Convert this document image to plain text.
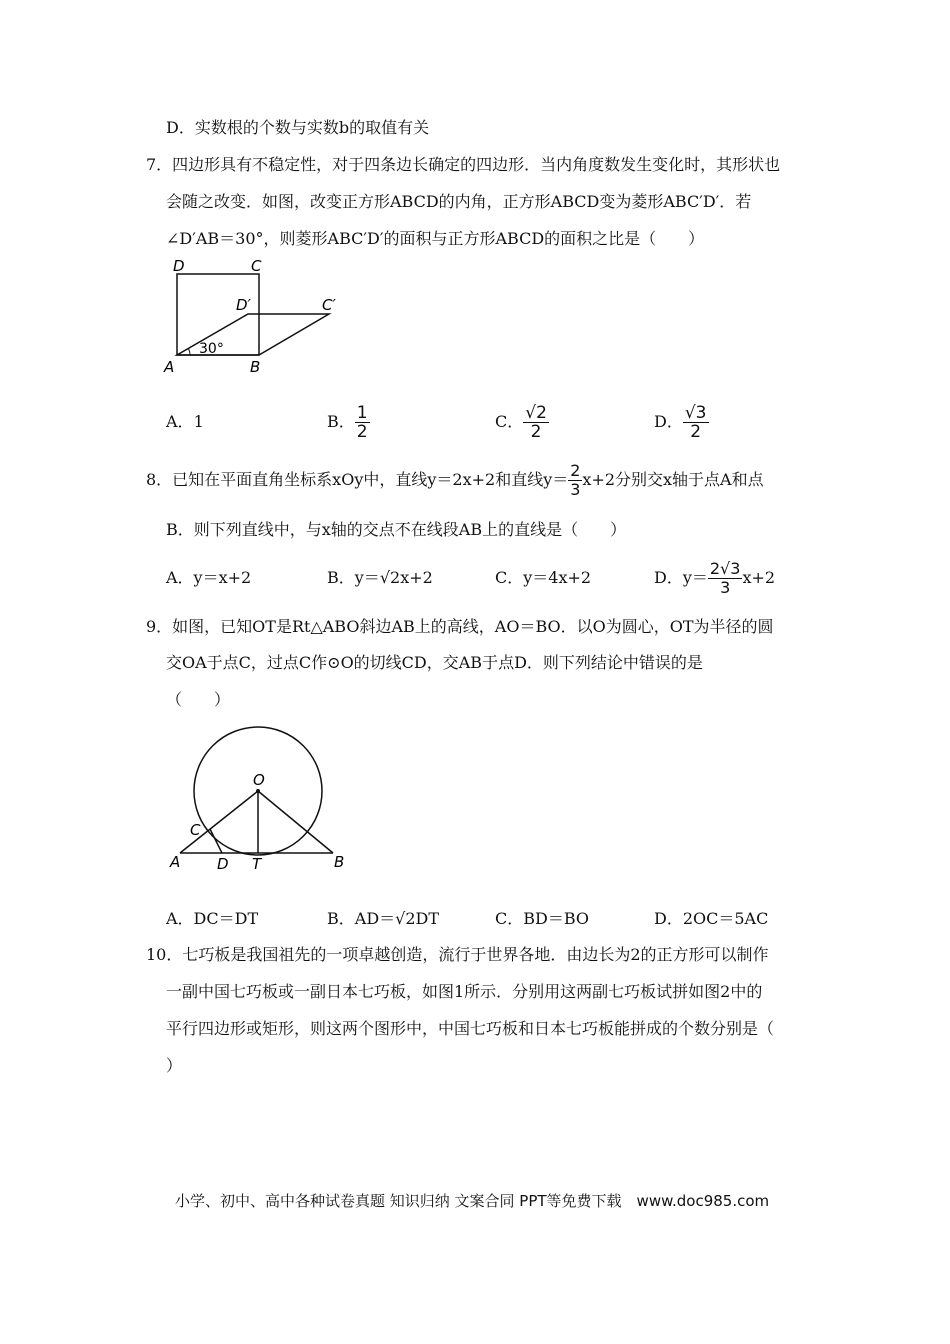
D．实数根的个数与实数b的取值有关
7．四边形具有不稳定性，对于四条边长确定的四边形．当内角度数发生变化时，其形状也
会随之改变．如图，改变正方形ABCD的内角，正方形ABCD变为菱形ABC′D′．若
∠D′AB＝30°，则菱形ABC′D′的面积与正方形ABCD的面积之比是（　　）
D	C
D′	C′
A	B
30°
A．1	B． $\frac{1}{2}$	C． $\frac{√2}{2}$	D． $\frac{√3}{2}$
8．已知在平面直角坐标系xOy中，直线y＝2x+2和直线$y= \frac{2}{3} x+2$分别交x轴于点A和点
B．则下列直线中，与x轴的交点不在线段AB上的直线是（　　）
A．y＝x+2	B．y＝√2x+2	C．y＝4x+2	D．$y= \frac{2√3}{3} x+2$
9．如图，已知OT是Rt△ABO斜边AB上的高线，AO＝BO．以O为圆心，OT为半径的圆
交OA于点C，过点C作⊙O的切线CD，交AB于点D．则下列结论中错误的是
（　　）
O
C
A D T	B
A．DC＝DT	B．AD＝√2DT	C．BD＝BO	D．2OC＝5AC
10．七巧板是我国祖先的一项卓越创造，流行于世界各地．由边长为2的正方形可以制作
一副中国七巧板或一副日本七巧板，如图1所示．分别用这两副七巧板试拼如图2中的
平行四边形或矩形，则这两个图形中，中国七巧板和日本七巧板能拼成的个数分别是（
）
小学、初中、高中各种试卷真题 知识归纳 文案合同 PPT等免费下载　www.doc985.com
